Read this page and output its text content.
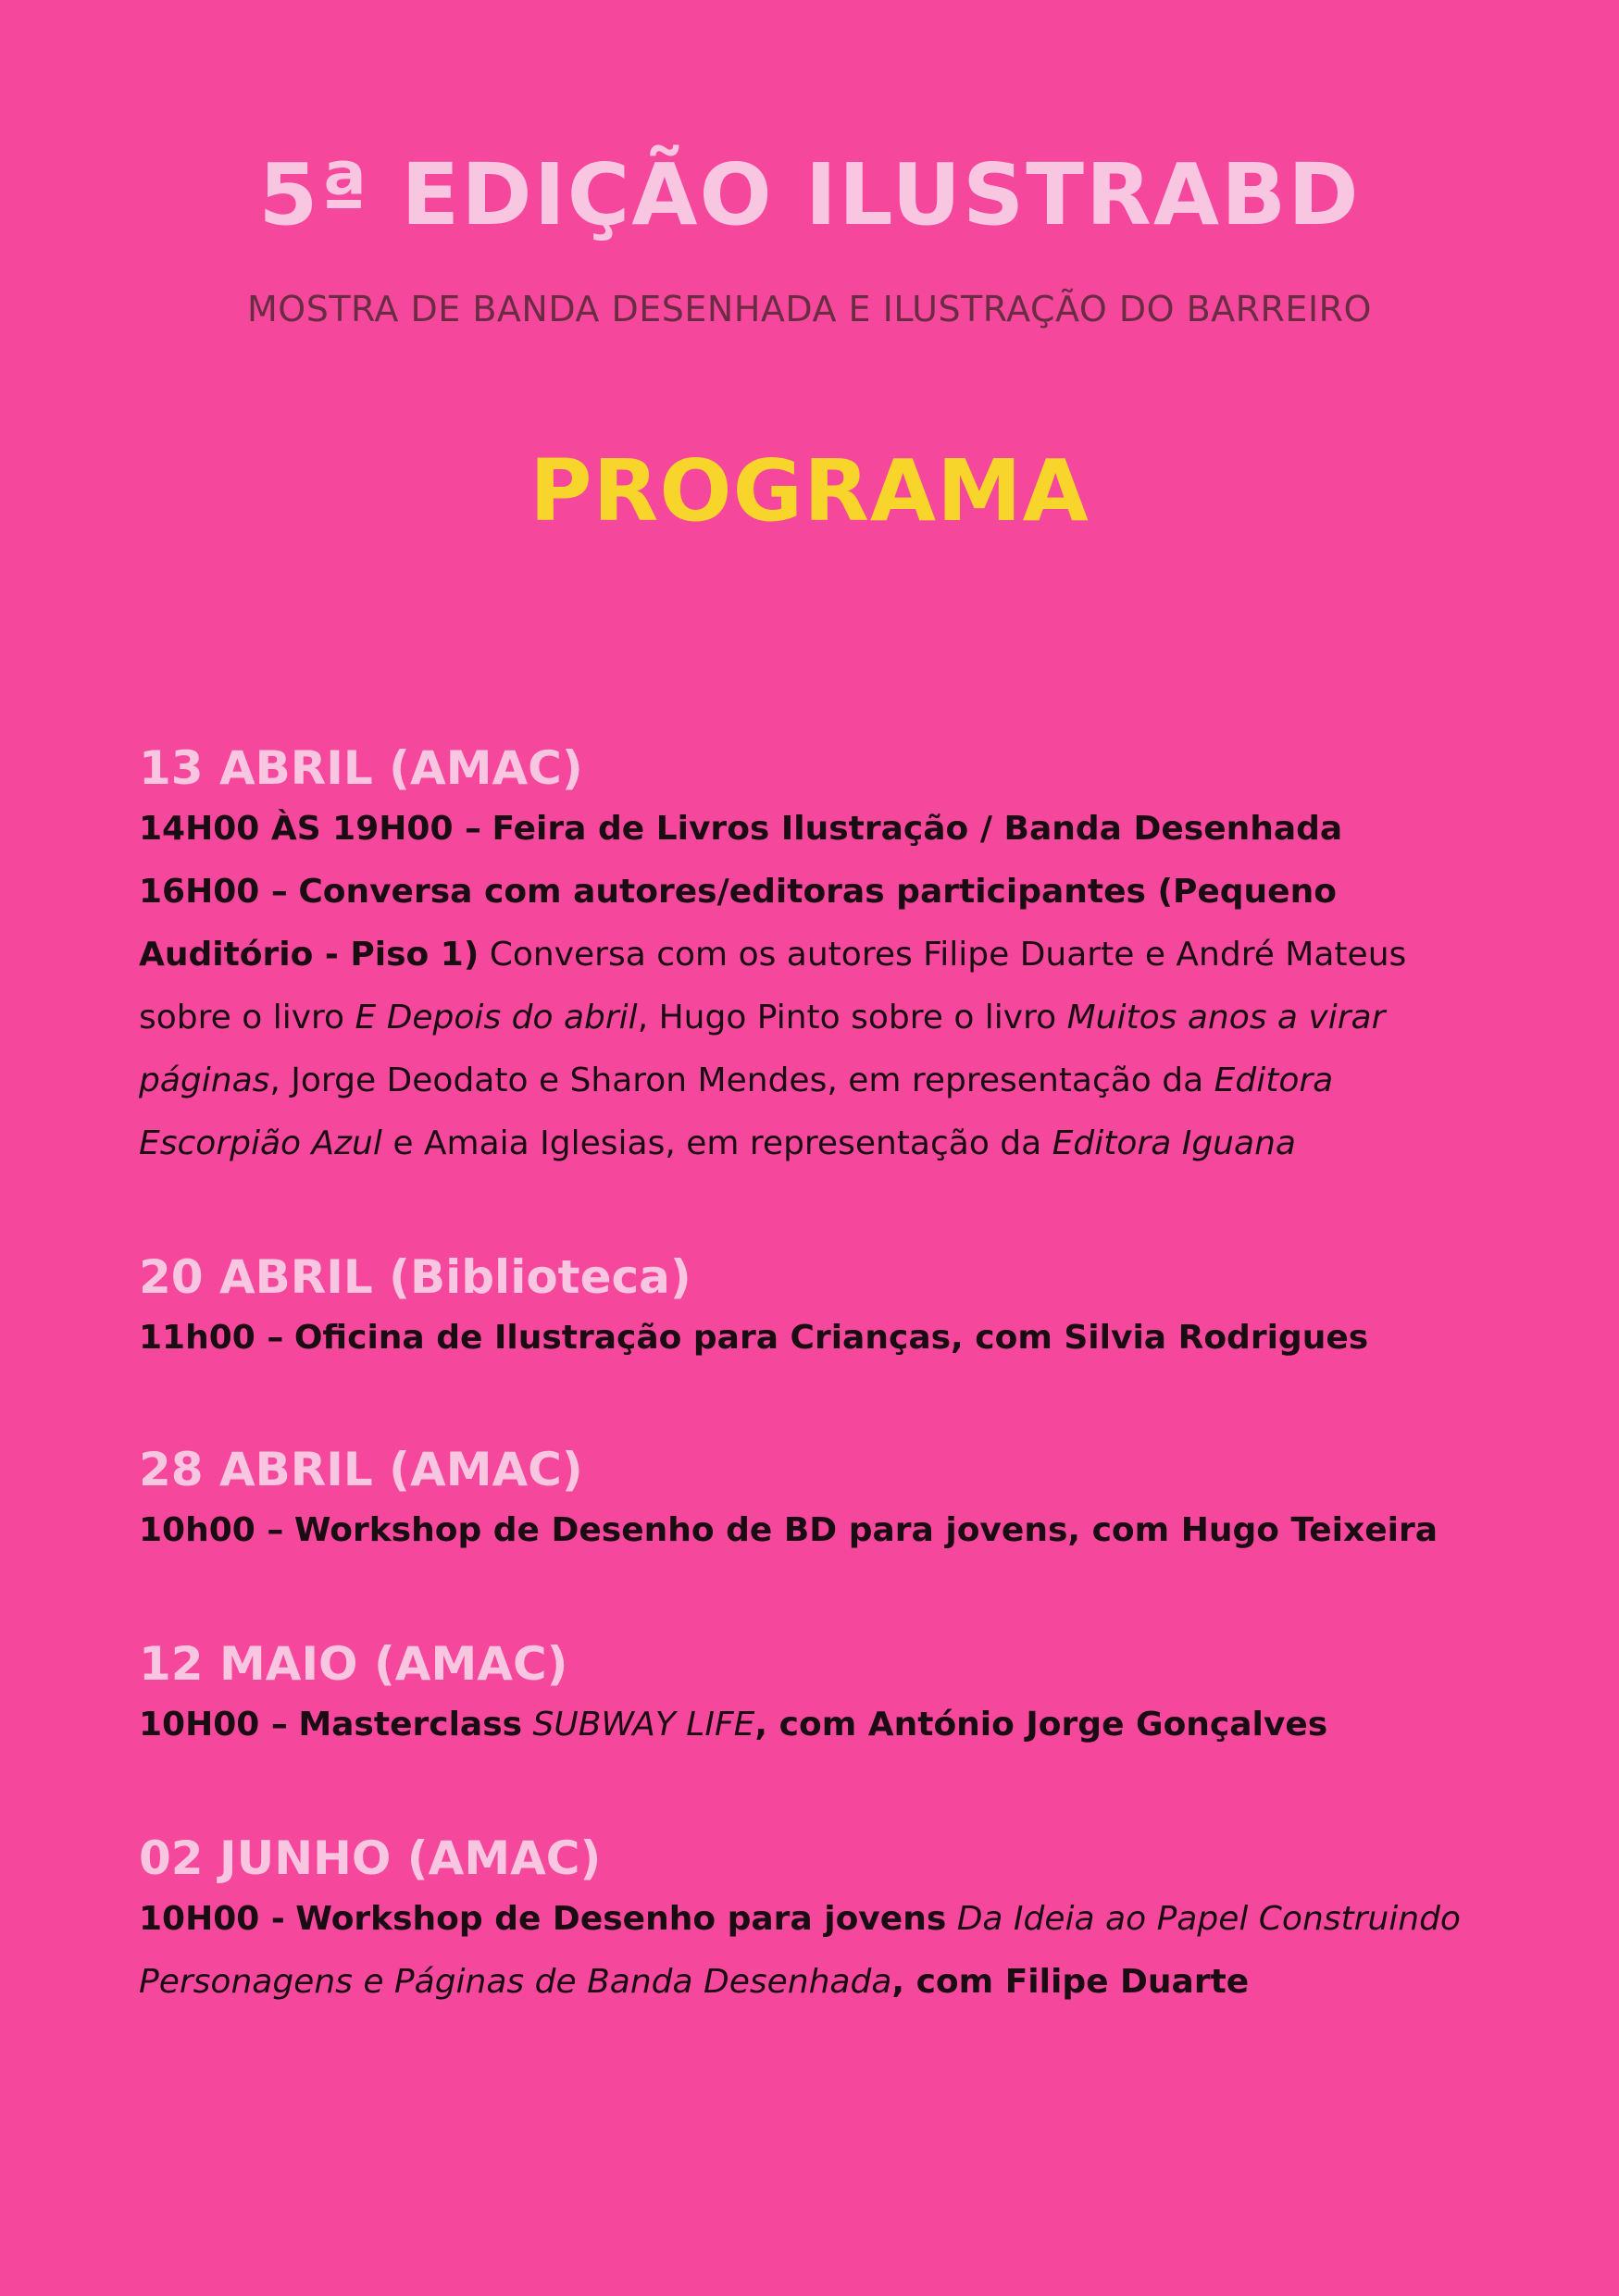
5ª EDIÇÃO ILUSTRABD
MOSTRA DE BANDA DESENHADA E ILUSTRAÇÃO DO BARREIRO
PROGRAMA
13 ABRIL (AMAC)

14H00 ÀS 19H00 – Feira de Livros Ilustração / Banda Desenhada

16H00 – Conversa com autores/editoras participantes (Pequeno Auditório - Piso 1) Conversa com os autores Filipe Duarte e André Mateus sobre o livro E Depois do abril, Hugo Pinto sobre o livro Muitos anos a virar páginas, Jorge Deodato e Sharon Mendes, em representação da Editora Escorpião Azul e Amaia Iglesias, em representação da Editora Iguana

20 ABRIL (Biblioteca)

11h00 – Oficina de Ilustração para Crianças, com Silvia Rodrigues

28 ABRIL (AMAC)

10h00 – Workshop de Desenho de BD para jovens, com Hugo Teixeira

12 MAIO (AMAC)

10H00 – Masterclass SUBWAY LIFE, com António Jorge Gonçalves

02 JUNHO (AMAC)

10H00 - Workshop de Desenho para jovens Da Ideia ao Papel Construindo Personagens e Páginas de Banda Desenhada, com Filipe Duarte
